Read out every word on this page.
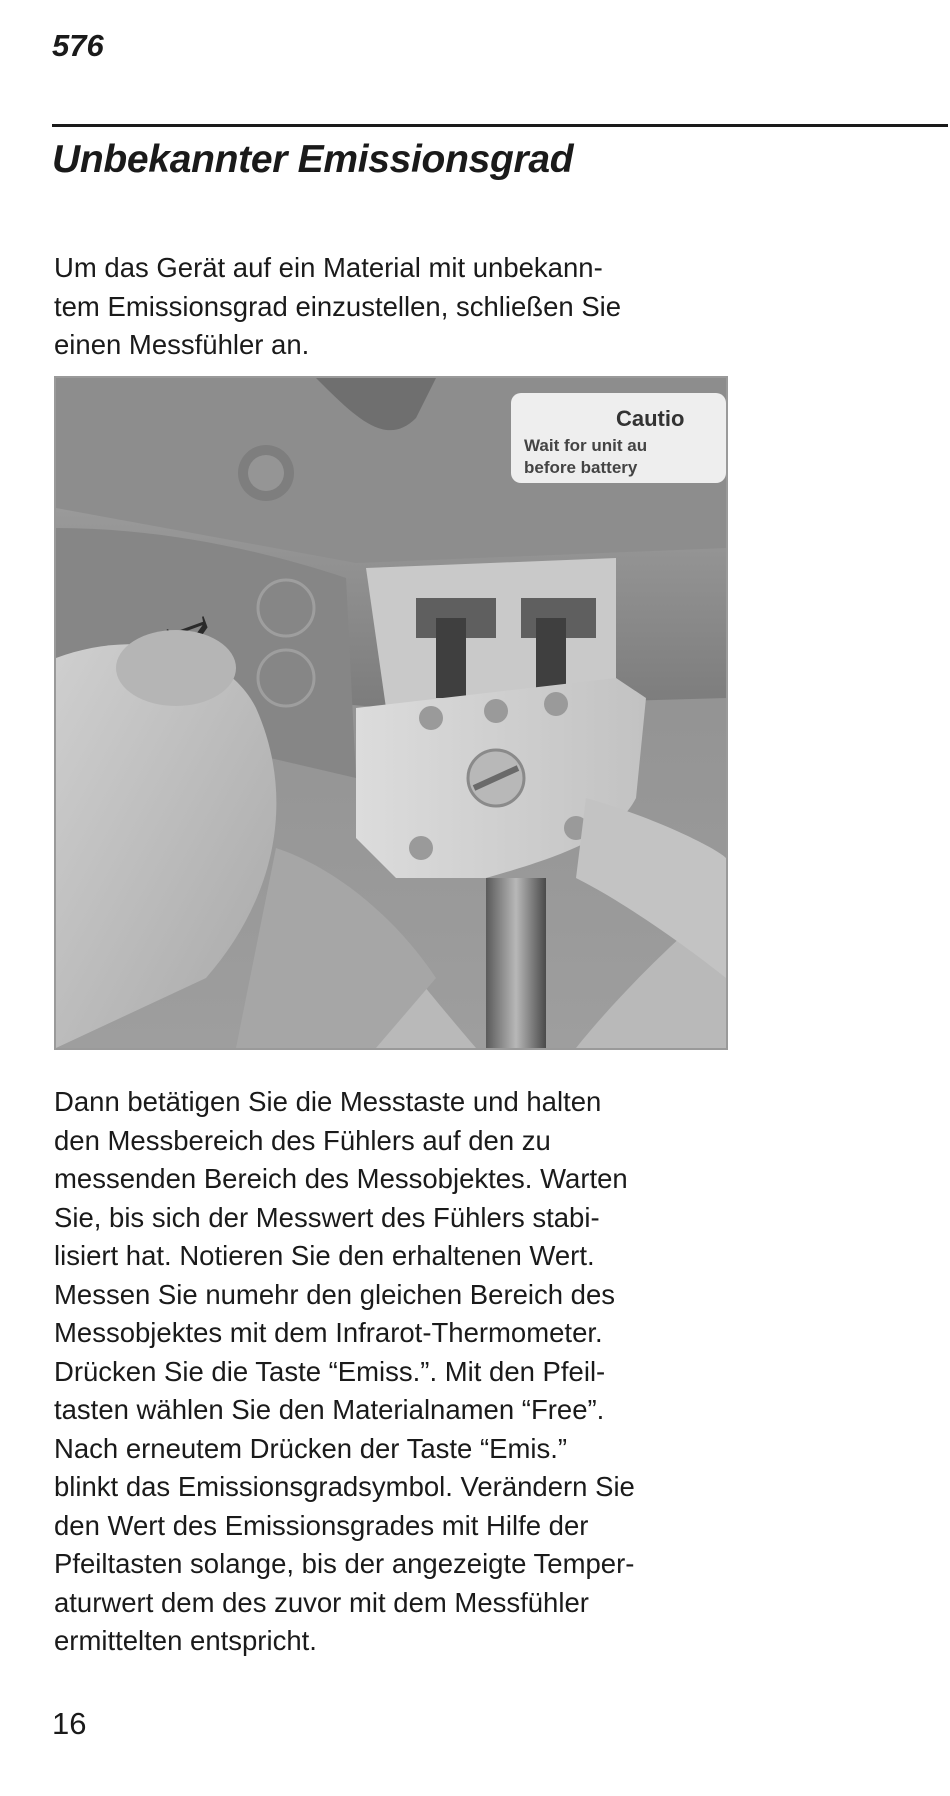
576
Unbekannter Emissionsgrad

Um das Gerät auf ein Material mit unbekann-
tem Emissionsgrad einzustellen, schließen Sie
einen Messfühler an.

Cautio
Wait for unit au
before battery

Dann betätigen Sie die Messtaste und halten
den Messbereich des Fühlers auf den zu
messenden Bereich des Messobjektes. Warten
Sie, bis sich der Messwert des Fühlers stabi-
lisiert hat. Notieren Sie den erhaltenen Wert.
Messen Sie numehr den gleichen Bereich des
Messobjektes mit dem Infrarot-Thermometer.
Drücken Sie die Taste “Emiss.”. Mit den Pfeil-
tasten wählen Sie den Materialnamen “Free”.
Nach erneutem Drücken der Taste “Emis.”
blinkt das Emissionsgradsymbol. Verändern Sie
den Wert des Emissionsgrades mit Hilfe der
Pfeiltasten solange, bis der angezeigte Temper-
aturwert dem des zuvor mit dem Messfühler
ermittelten entspricht.

16
